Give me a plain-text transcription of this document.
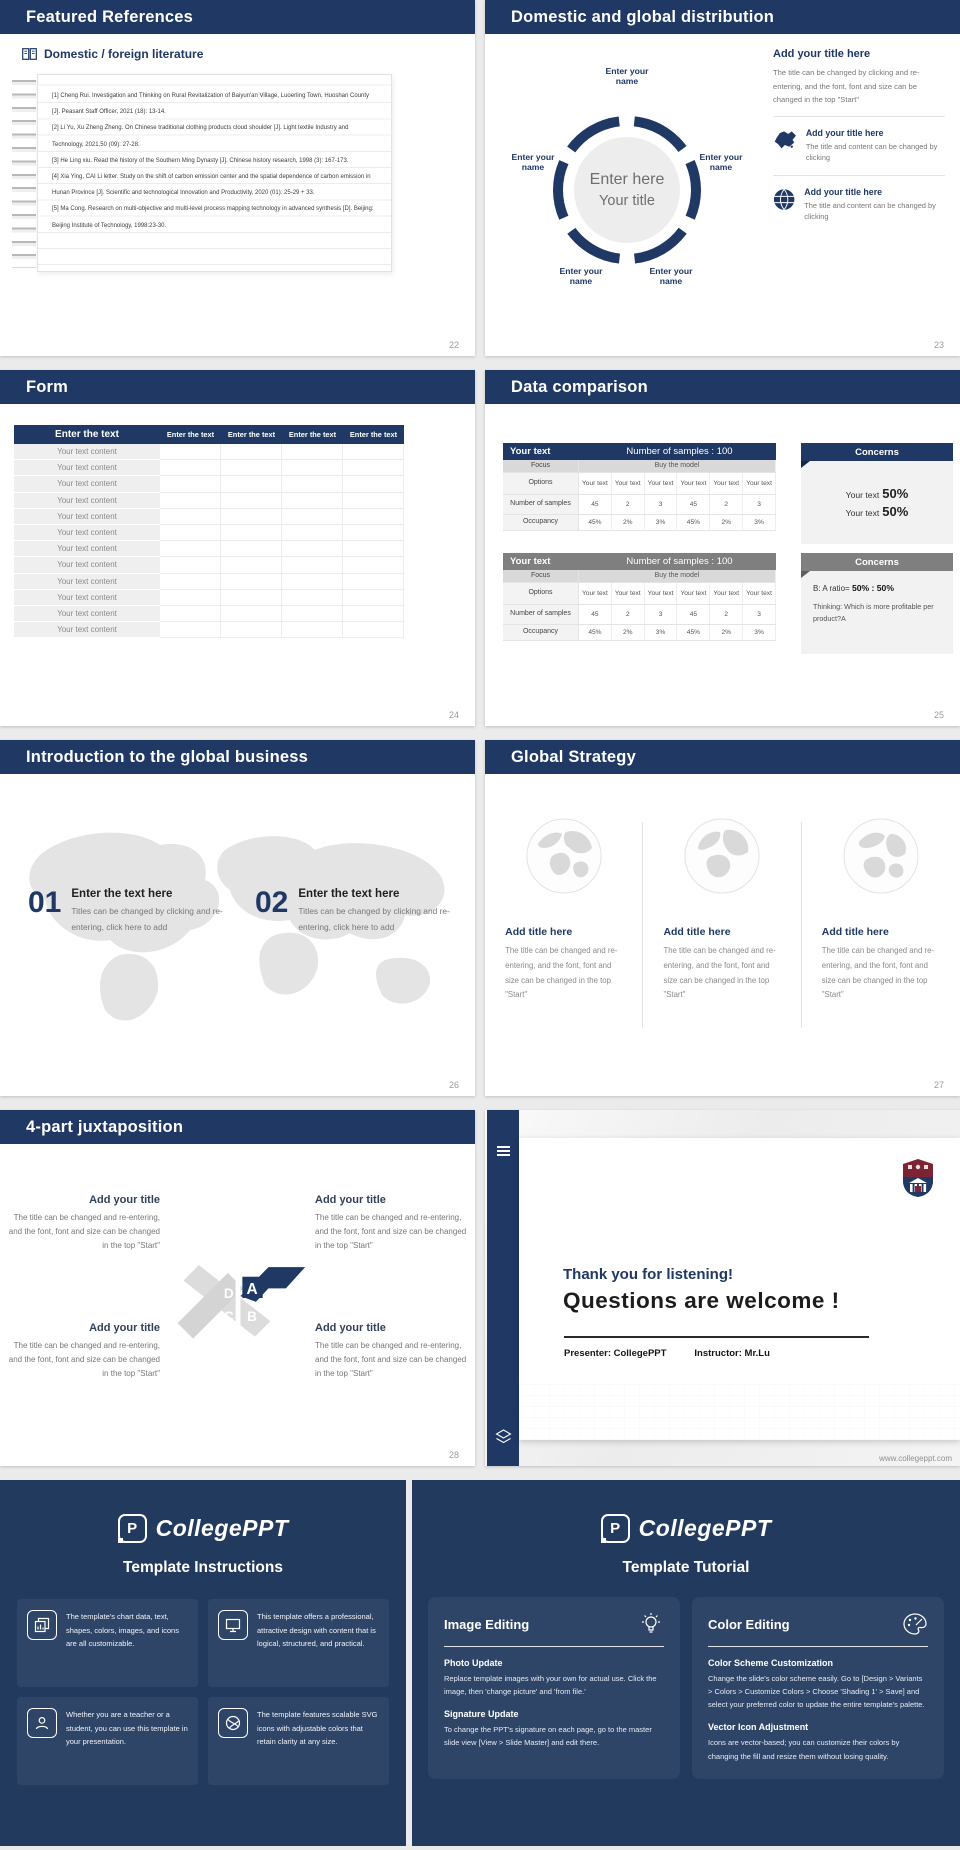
Featured References
Domestic / foreign literature

[1] Cheng Rui. Investigation and Thinking on Rural Revitalization of Baiyun'an Village, Luoerling Town, Huoshan County [J]. Peasant Staff Officer, 2021 (18): 13-14.

[2] Li Yu, Xu Zheng Zheng. On Chinese traditional clothing products cloud shoulder [J]. Light textile Industry and Technology, 2021,50 (09): 27-28.

[3] He Ling xiu. Read the history of the Southern Ming Dynasty [J]. Chinese history research, 1998 (3): 167-173.

[4] Xia Ying, CAI Li letter. Study on the shift of carbon emission center and the spatial dependence of carbon emission in Hunan Province [J]. Scientific and technological Innovation and Productivity, 2020 (01): 25-29 + 33.

[5] Ma Cong. Research on multi-objective and multi-level process mapping technology in advanced synthesis [D]. Beijing: Beijing Institute of Technology, 1998:23-30.

22
Domestic and global distribution
Enter here
Your title
Enter your name
Enter your name
Enter your name
Enter your name
Enter your name
Add your title here
The title can be changed by clicking and re-entering, and the font, font and size can be changed in the top "Start"
Add your title here
The title and content can be changed by clicking
Add your title here
The title and content can be changed by clicking
23
Form
Enter the text	Enter the text	Enter the text	Enter the text	Enter the text
Your text content
Your text content
Your text content
Your text content
Your text content
Your text content
Your text content
Your text content
Your text content
Your text content
Your text content
Your text content
24
Data comparison
Your text	Number of samples : 100
Focus	Buy the model
Options	Your text	Your text	Your text	Your text	Your text	Your text
Number of samples	45	2	3	45	2	3
Occupancy	45%	2%	3%	45%	2%	3%
Your text	Number of samples : 100
Focus	Buy the model
Options	Your text	Your text	Your text	Your text	Your text	Your text
Number of samples	45	2	3	45	2	3
Occupancy	45%	2%	3%	45%	2%	3%
Concerns
Your text 50%
Your text 50%
Concerns
B: A ratio= 50% : 50%
Thinking: Which is more profitable per product?A
25
Introduction to the global business
01 Enter the text here
Titles can be changed by clicking and re-entering, click here to add
02 Enter the text here
Titles can be changed by clicking and re-entering, click here to add
26
Global Strategy
Add title here
The title can be changed and re-entering, and the font, font and size can be changed in the top "Start"
Add title here
The title can be changed and re-entering, and the font, font and size can be changed in the top "Start"
Add title here
The title can be changed and re-entering, and the font, font and size can be changed in the top "Start"
27
4-part juxtaposition
Add your title
The title can be changed and re-entering, and the font, font and size can be changed in the top "Start"
Add your title
The title can be changed and re-entering, and the font, font and size can be changed in the top "Start"
Add your title
The title can be changed and re-entering, and the font, font and size can be changed in the top "Start"
Add your title
The title can be changed and re-entering, and the font, font and size can be changed in the top "Start"
D A
C B
28
Thank you for listening!
Questions are welcome !
Presenter: CollegePPT	Instructor: Mr.Lu
www.collegeppt.com
P CollegePPT
Template Instructions
The template's chart data, text, shapes, colors, images, and icons are all customizable.
This template offers a professional, attractive design with content that is logical, structured, and practical.
Whether you are a teacher or a student, you can use this template in your presentation.
The template features scalable SVG icons with adjustable colors that retain clarity at any size.
P CollegePPT
Template Tutorial
Image Editing
Photo Update
Replace template images with your own for actual use. Click the image, then 'change picture' and 'from file.'
Signature Update
To change the PPT's signature on each page, go to the master slide view [View > Slide Master] and edit there.
Color Editing
Color Scheme Customization
Change the slide's color scheme easily. Go to [Design > Variants > Colors > Customize Colors > Choose 'Shading 1' > Save] and select your preferred color to update the entire template's palette.
Vector Icon Adjustment
Icons are vector-based; you can customize their colors by changing the fill and resize them without losing quality.
